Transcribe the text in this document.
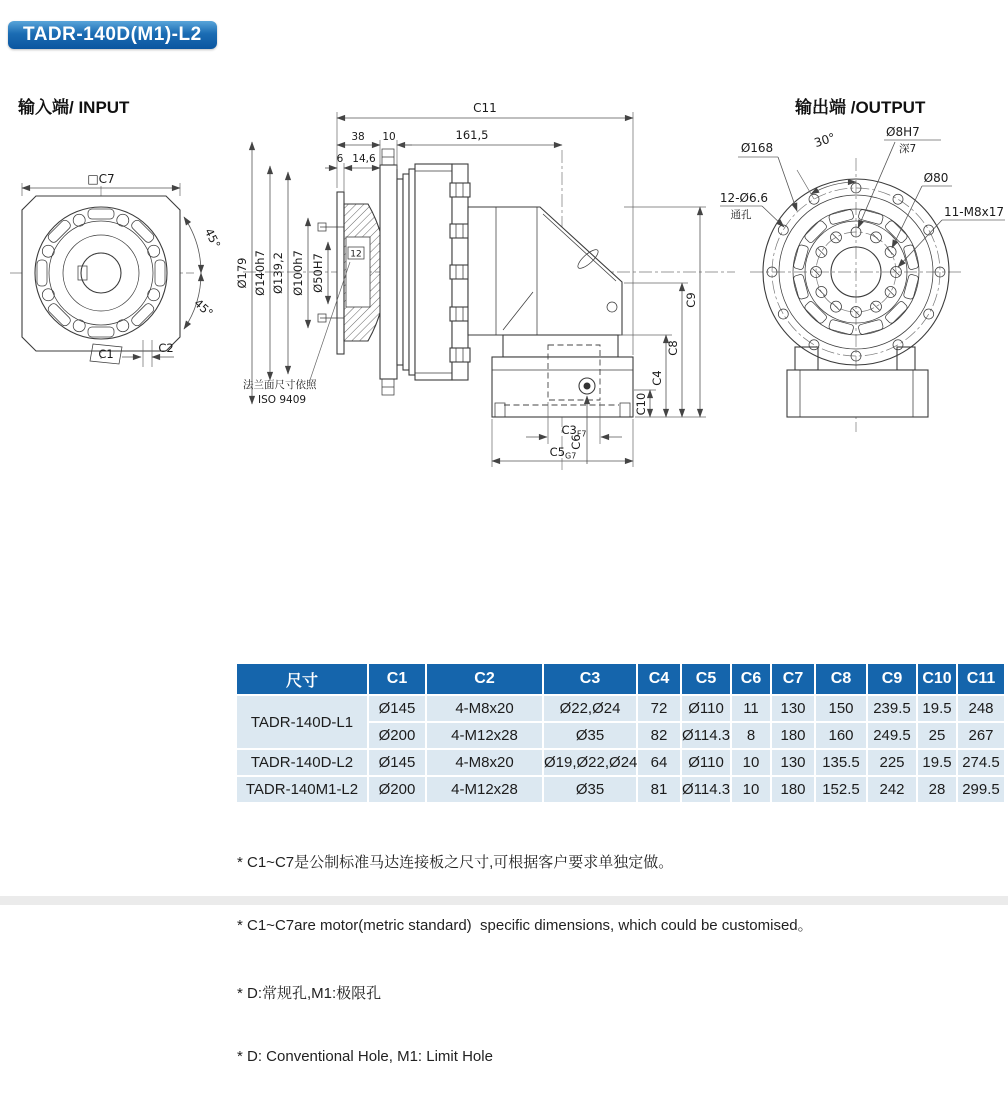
TADR-140D(M1)-L2
输入端/ INPUT	输出端 /OUTPUT
□C7
45°
45°
C1	C2
12
C11
38 10	161,5
6 14,6
Ø179 Ø140h7 Ø139,2 Ø100h7 Ø50H7
法兰面尺寸依照
ISO 9409
$C3_{F7}$
$C5_{G7}$
C6
C10
C4
C8
C9
30°
Ø168
Ø8H7
深7
Ø80
12-Ø6.6
通孔	11-M8x17
尺寸	C1	C2	C3	C4	C5	C6	C7	C8	C9	C10	C11
TADR-140D-L1	Ø145	4-M8x20	Ø22,Ø24	72	Ø110	11	130	150	239.5	19.5	248
	Ø200	4-M12x28	Ø35	82	Ø114.3	8	180	160	249.5	25	267
TADR-140D-L2	Ø145	4-M8x20	Ø19,Ø22,Ø24	64	Ø110	10	130	135.5	225	19.5	274.5
TADR-140M1-L2	Ø200	4-M12x28	Ø35	81	Ø114.3	10	180	152.5	242	28	299.5

* C1~C7是公制标准马达连接板之尺寸,可根据客户要求单独定做。

* C1~C7are motor(metric standard)  specific dimensions, which could be customised。

* D:常规孔,M1:极限孔

* D: Conventional Hole, M1: Limit Hole
